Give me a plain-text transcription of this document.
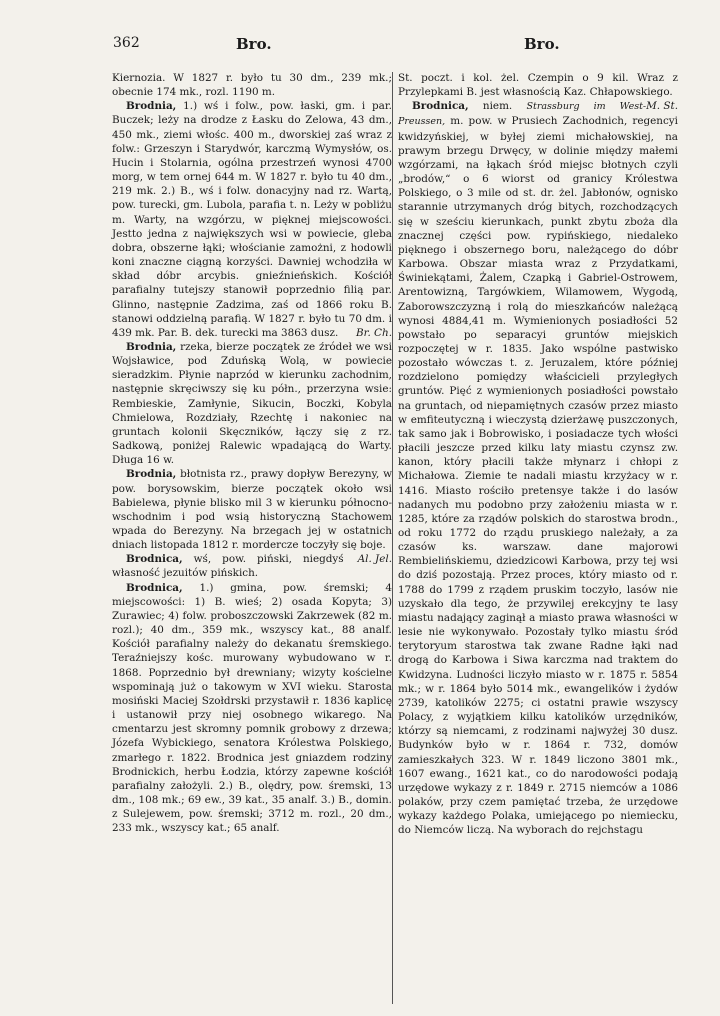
362	Bro.	Bro.

Kiernozia. W 1827 r. było tu 30 dm., 239 mk.; obecnie 174 mk., rozl. 1190 m.

Brodnia, 1.) wś i folw., pow. łaski, gm. i par. Buczek; leży na drodze z Łasku do Zelowa, 43 dm., 450 mk., ziemi włośc. 400 m., dworskiej zaś wraz z folw.: Grzeszyn i Starydwór, karczmą Wymysłów, os. Hucin i Stolarnia, ogólna przestrzeń wynosi 4700 morg, w tem ornej 644 m. W 1827 r. było tu 40 dm., 219 mk. 2.) B., wś i folw. donacyjny nad rz. Wartą, pow. turecki, gm. Lubola, parafia t. n. Leży w pobliżu m. Warty, na wzgórzu, w pięknej miejscowości. Jestto jedna z największych wsi w powiecie, gleba dobra, obszerne łąki; włościanie zamożni, z hodowli koni znaczne ciągną korzyści. Dawniej wchodziła w skład dóbr arcybis. gnieźnieńskich. Kościół parafialny tutejszy stanowił poprzednio filią par. Glinno, następnie Zadzima, zaś od 1866 roku B. stanowi oddzielną parafią. W 1827 r. było tu 70 dm. i 439 mk. Par. B. dek. turecki ma 3863 dusz.	Br. Ch.

Brodnia, rzeka, bierze początek ze źródeł we wsi Wojsławice, pod Zduńską Wolą, w powiecie sieradzkim. Płynie naprzód w kierunku zachodnim, następnie skręciwszy się ku półn., przerzyna wsie: Rembieskie, Zamłynie, Sikucin, Boczki, Kobyla Chmielowa, Rozdziały, Rzechtę i nakoniec na gruntach kolonii Skęczników, łączy się z rz. Sadkową, poniżej Ralewic wpadającą do Warty. Długa 16 w.

Brodnia, błotnista rz., prawy dopływ Berezyny, w pow. borysowskim, bierze początek około wsi Babielewa, płynie blisko mil 3 w kierunku północno-wschodnim i pod wsią historyczną Stachowem wpada do Berezyny. Na brzegach jej w ostatnich dniach listopada 1812 r. mordercze toczyły się boje.
Al. Jel.

Brodnica, wś, pow. piński, niegdyś własność jezuitów pińskich.

Brodnica, 1.) gmina, pow. śremski; 4 miejscowości: 1) B. wieś; 2) osada Kopyta; 3) Zurawiec; 4) folw. proboszczowski Zakrzewek (82 m. rozl.); 40 dm., 359 mk., wszyscy kat., 88 analf. Kościół parafialny należy do dekanatu śremskiego. Teraźniejszy kośc. murowany wybudowano w r. 1868. Poprzednio był drewniany; wizyty kościelne wspominają już o takowym w XVI wieku. Starosta mosiński Maciej Szołdrski przystawił r. 1836 kaplicę i ustanowił przy niej osobnego wikarego. Na cmentarzu jest skromny pomnik grobowy z drzewa; Józefa Wybickiego, senatora Królestwa Polskiego, zmarłego r. 1822. Brodnica jest gniazdem rodziny Brodnickich, herbu Łodzia, którzy zapewne kościół parafialny założyli. 2.) B., olędry, pow. śremski, 13 dm., 108 mk.; 69 ew., 39 kat., 35 analf. 3.) B., domin. z Sulejewem, pow. śremski; 3712 m. rozl., 20 dm., 233 mk., wszyscy kat.; 65 analf.

St. poczt. i kol. żel. Czempin o 9 kil. Wraz z Przylepkami B. jest własnością Kaz. Chłapowskiego.
M. St.

Brodnica, niem. Strassburg im West-Preussen, m. pow. w Prusiech Zachodnich, regencyi kwidzyńskiej, w byłej ziemi michałowskiej, na prawym brzegu Drwęcy, w dolinie między małemi wzgórzami, na łąkach śród miejsc błotnych czyli „brodów,“ o 6 wiorst od granicy Królestwa Polskiego, o 3 mile od st. dr. żel. Jabłonów, ognisko starannie utrzymanych dróg bitych, rozchodzących się w sześciu kierunkach, punkt zbytu zboża dla znacznej części pow. rypińskiego, niedaleko pięknego i obszernego boru, należącego do dóbr Karbowa. Obszar miasta wraz z Przydatkami, Świniekątami, Żalem, Czapką i Gabriel-Ostrowem, Arentowizną, Targówkiem, Wilamowem, Wygodą, Zaborowszczyzną i rolą do mieszkańców należącą wynosi 4884,41 m. Wymienionych posiadłości 52 powstało po separacyi gruntów miejskich rozpoczętej w r. 1835. Jako wspólne pastwisko pozostało wówczas t. z. Jeruzalem, które później rozdzielono pomiędzy właścicieli przyległych gruntów. Pięć z wymienionych posiadłości powstało na gruntach, od niepamiętnych czasów przez miasto w emfiteutyczną i wieczystą dzierżawę puszczonych, tak samo jak i Bobrowisko, i posiadacze tych włości płacili jeszcze przed kilku laty miastu czynsz zw. kanon, który płacili także młynarz i chłopi z Michałowa. Ziemie te nadali miastu krzyżacy w r. 1416. Miasto rościło pretensye także i do lasów nadanych mu podobno przy założeniu miasta w r. 1285, które za rządów polskich do starostwa brodn., od roku 1772 do rządu pruskiego należały, a za czasów ks. warszaw. dane majorowi Rembielińskiemu, dziedzicowi Karbowa, przy tej wsi do dziś pozostają. Przez proces, który miasto od r. 1788 do 1799 z rządem pruskim toczyło, lasów nie uzyskało dla tego, że przywilej erekcyjny te lasy miastu nadający zaginął a miasto prawa własności w lesie nie wykonywało. Pozostały tylko miastu śród terytoryum starostwa tak zwane Radne łąki nad drogą do Karbowa i Siwa karczma nad traktem do Kwidzyna. Ludności liczyło miasto w r. 1875 r. 5854 mk.; w r. 1864 było 5014 mk., ewangelików i żydów 2739, katolików 2275; ci ostatni prawie wszyscy Polacy, z wyjątkiem kilku katolików urzędników, którzy są niemcami, z rodzinami najwyżej 30 dusz. Budynków było w r. 1864 r. 732, domów zamieszkałych 323. W r. 1849 liczono 3801 mk., 1607 ewang., 1621 kat., co do narodowości podają urzędowe wykazy z r. 1849 r. 2715 niemców a 1086 polaków, przy czem pamiętać trzeba, że urzędowe wykazy każdego Polaka, umiejącego po niemiecku, do Niemców liczą. Na wyborach do rejchstagu
